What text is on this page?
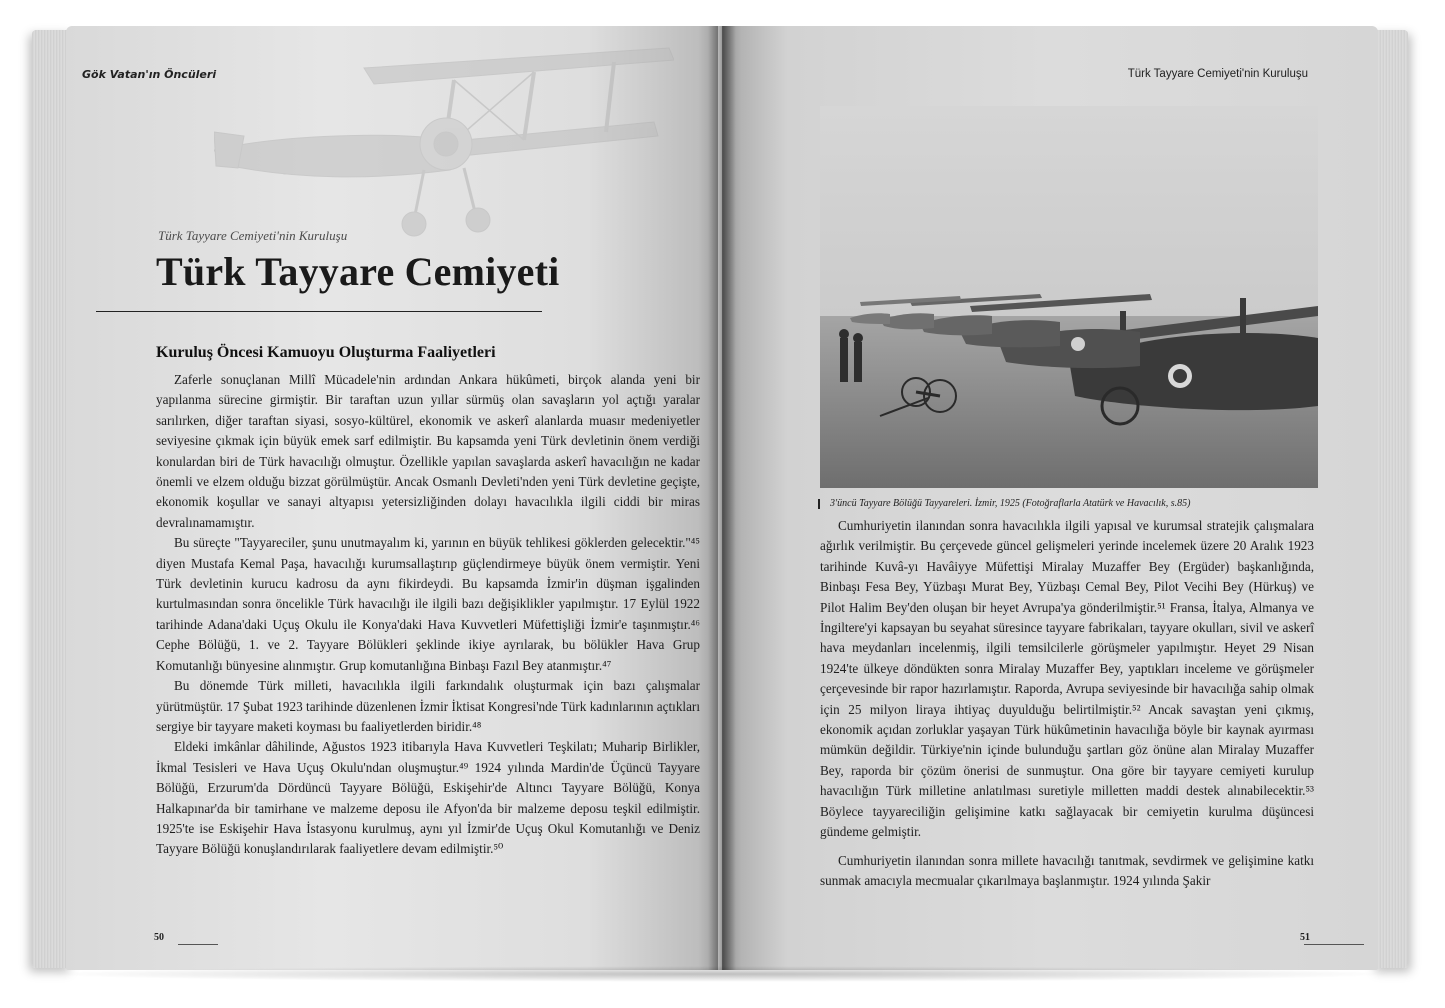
Gök Vatan'ın Öncüleri
Türk Tayyare Cemiyeti'nin Kuruluşu
Türk Tayyare Cemiyeti
Kuruluş Öncesi Kamuoyu Oluşturma Faaliyetleri

Zaferle sonuçlanan Millî Mücadele'nin ardından Ankara hükûmeti, birçok alanda yeni bir yapılanma sürecine girmiştir. Bir taraftan uzun yıllar sürmüş olan savaşların yol açtığı yaralar sarılırken, diğer taraftan siyasi, sosyo-kültürel, ekonomik ve askerî alanlarda muasır medeniyetler seviyesine çıkmak için büyük emek sarf edilmiştir. Bu kapsamda yeni Türk devletinin önem verdiği konulardan biri de Türk havacılığı olmuştur. Özellikle yapılan savaşlarda askerî havacılığın ne kadar önemli ve elzem olduğu bizzat görülmüştür. Ancak Osmanlı Devleti'nden yeni Türk devletine geçişte, ekonomik koşullar ve sanayi altyapısı yetersizliğinden dolayı havacılıkla ilgili ciddi bir miras devralınamamıştır.

Bu süreçte "Tayyareciler, şunu unutmayalım ki, yarının en büyük tehlikesi göklerden gelecektir."⁴⁵ diyen Mustafa Kemal Paşa, havacılığı kurumsallaştırıp güçlendirmeye büyük önem vermiştir. Yeni Türk devletinin kurucu kadrosu da aynı fikirdeydi. Bu kapsamda İzmir'in düşman işgalinden kurtulmasından sonra öncelikle Türk havacılığı ile ilgili bazı değişiklikler yapılmıştır. 17 Eylül 1922 tarihinde Adana'daki Uçuş Okulu ile Konya'daki Hava Kuvvetleri Müfettişliği İzmir'e taşınmıştır.⁴⁶ Cephe Bölüğü, 1. ve 2. Tayyare Bölükleri şeklinde ikiye ayrılarak, bu bölükler Hava Grup Komutanlığı bünyesine alınmıştır. Grup komutanlığına Binbaşı Fazıl Bey atanmıştır.⁴⁷

Bu dönemde Türk milleti, havacılıkla ilgili farkındalık oluşturmak için bazı çalışmalar yürütmüştür. 17 Şubat 1923 tarihinde düzenlenen İzmir İktisat Kongresi'nde Türk kadınlarının açtıkları sergiye bir tayyare maketi koyması bu faaliyetlerden biridir.⁴⁸

Eldeki imkânlar dâhilinde, Ağustos 1923 itibarıyla Hava Kuvvetleri Teşkilatı; Muharip Birlikler, İkmal Tesisleri ve Hava Uçuş Okulu'ndan oluşmuştur.⁴⁹ 1924 yılında Mardin'de Üçüncü Tayyare Bölüğü, Erzurum'da Dördüncü Tayyare Bölüğü, Eskişehir'de Altıncı Tayyare Bölüğü, Konya Halkapınar'da bir tamirhane ve malzeme deposu ile Afyon'da bir malzeme deposu teşkil edilmiştir. 1925'te ise Eskişehir Hava İstasyonu kurulmuş, aynı yıl İzmir'de Uçuş Okul Komutanlığı ve Deniz Tayyare Bölüğü konuşlandırılarak faaliyetlere devam edilmiştir.⁵⁰

50
Türk Tayyare Cemiyeti'nin Kuruluşu
3'üncü Tayyare Bölüğü Tayyareleri. İzmir, 1925 (Fotoğraflarla Atatürk ve Havacılık, s.85)

Cumhuriyetin ilanından sonra havacılıkla ilgili yapısal ve kurumsal stratejik çalışmalara ağırlık verilmiştir. Bu çerçevede güncel gelişmeleri yerinde incelemek üzere 20 Aralık 1923 tarihinde Kuvâ-yı Havâiyye Müfettişi Miralay Muzaffer Bey (Ergüder) başkanlığında, Binbaşı Fesa Bey, Yüzbaşı Murat Bey, Yüzbaşı Cemal Bey, Pilot Vecihi Bey (Hürkuş) ve Pilot Halim Bey'den oluşan bir heyet Avrupa'ya gönderilmiştir.⁵¹ Fransa, İtalya, Almanya ve İngiltere'yi kapsayan bu seyahat süresince tayyare fabrikaları, tayyare okulları, sivil ve askerî hava meydanları incelenmiş, ilgili temsilcilerle görüşmeler yapılmıştır. Heyet 29 Nisan 1924'te ülkeye döndükten sonra Miralay Muzaffer Bey, yaptıkları inceleme ve görüşmeler çerçevesinde bir rapor hazırlamıştır. Raporda, Avrupa seviyesinde bir havacılığa sahip olmak için 25 milyon liraya ihtiyaç duyulduğu belirtilmiştir.⁵² Ancak savaştan yeni çıkmış, ekonomik açıdan zorluklar yaşayan Türk hükûmetinin havacılığa böyle bir kaynak ayırması mümkün değildir. Türkiye'nin içinde bulunduğu şartları göz önüne alan Miralay Muzaffer Bey, raporda bir çözüm önerisi de sunmuştur. Ona göre bir tayyare cemiyeti kurulup havacılığın Türk milletine anlatılması suretiyle milletten maddi destek alınabilecektir.⁵³ Böylece tayyareciliğin gelişimine katkı sağlayacak bir cemiyetin kurulma düşüncesi gündeme gelmiştir.

Cumhuriyetin ilanından sonra millete havacılığı tanıtmak, sevdirmek ve gelişimine katkı sunmak amacıyla mecmualar çıkarılmaya başlanmıştır. 1924 yılında Şakir

51
